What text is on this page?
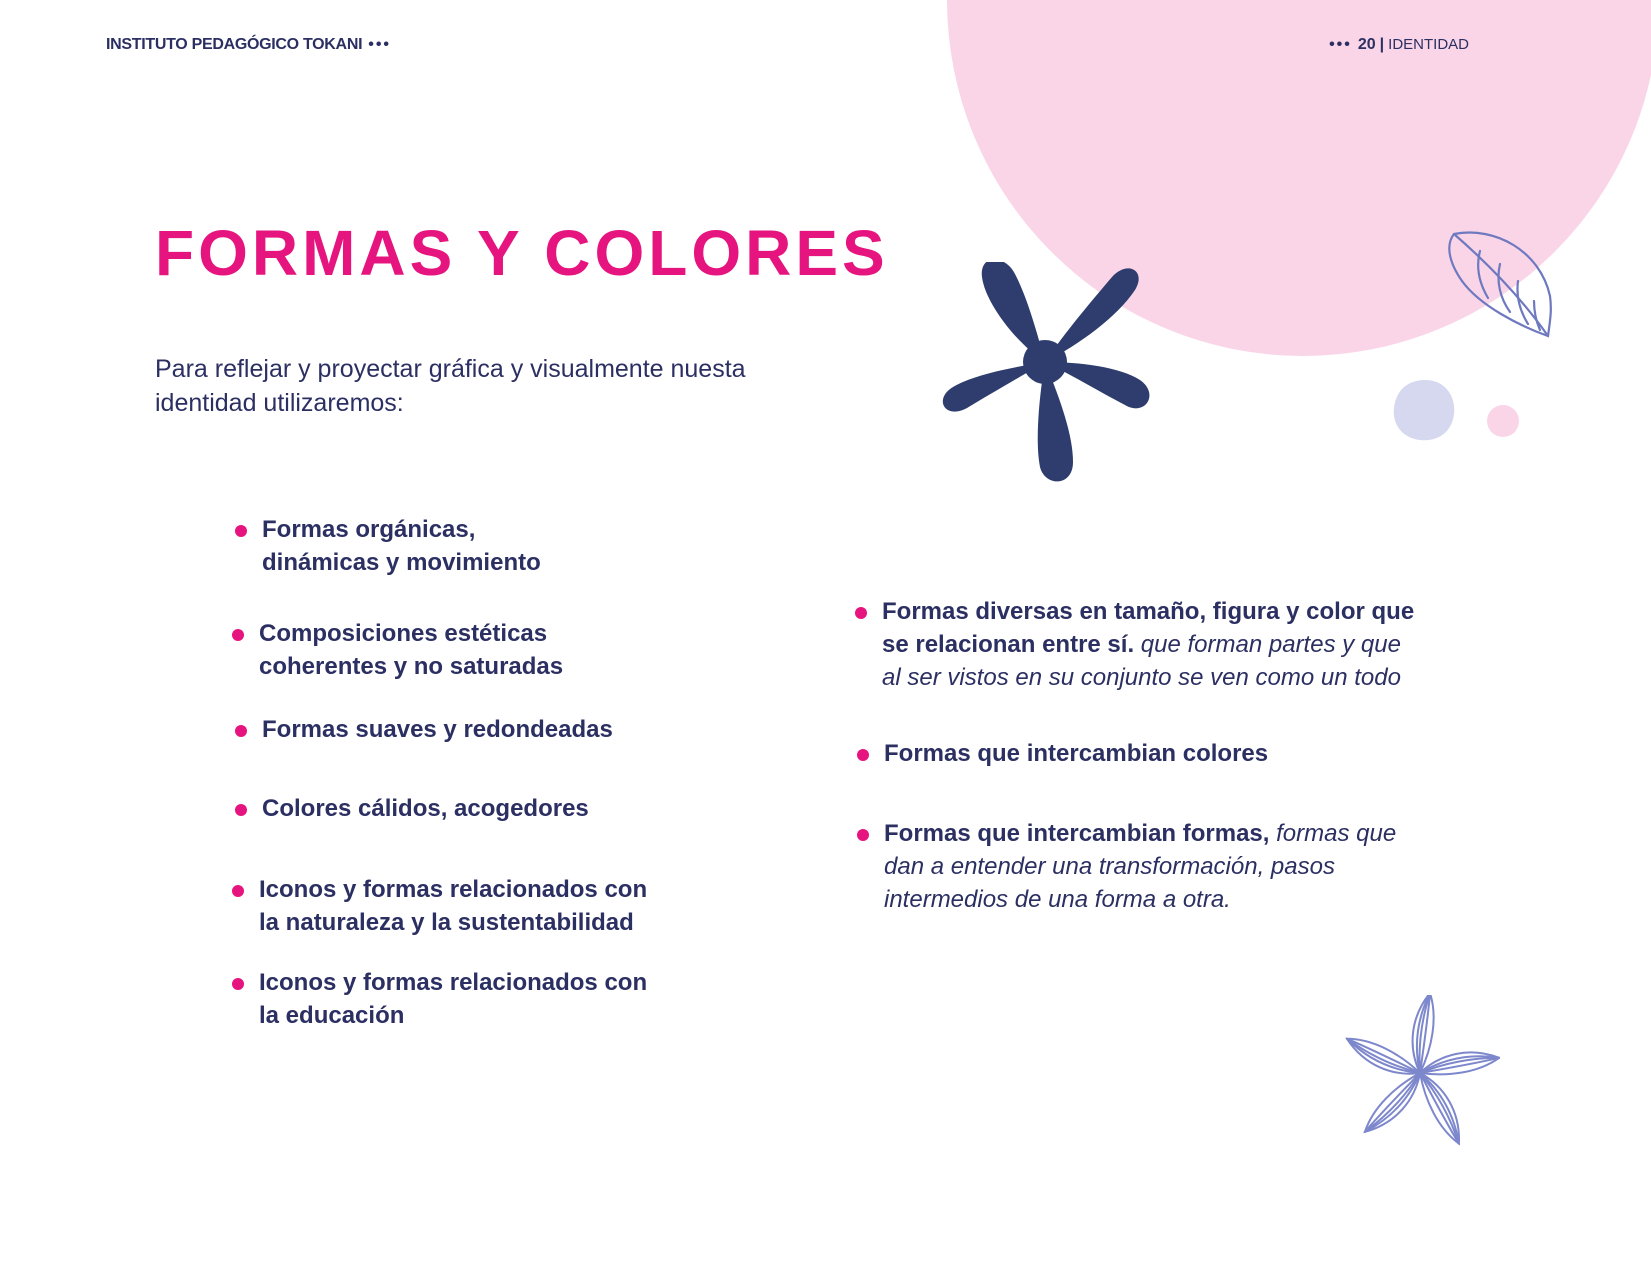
INSTITUTO PEDAGÓGICO TOKANI •••	••• 20 | IDENTIDAD
FORMAS Y COLORES
Para reflejar y proyectar gráfica y visualmente nuesta identidad utilizaremos:
Formas orgánicas,
dinámicas y movimiento
Composiciones estéticas
coherentes y no saturadas
Formas suaves y redondeadas
Colores cálidos, acogedores
Iconos y formas relacionados con
la naturaleza y la sustentabilidad
Iconos y formas relacionados con
la educación
Formas diversas en tamaño, figura y color que
se relacionan entre sí. que forman partes y que
al ser vistos en su conjunto se ven como un todo
Formas que intercambian colores
Formas que intercambian formas, formas que
dan a entender una transformación, pasos
intermedios de una forma a otra.
